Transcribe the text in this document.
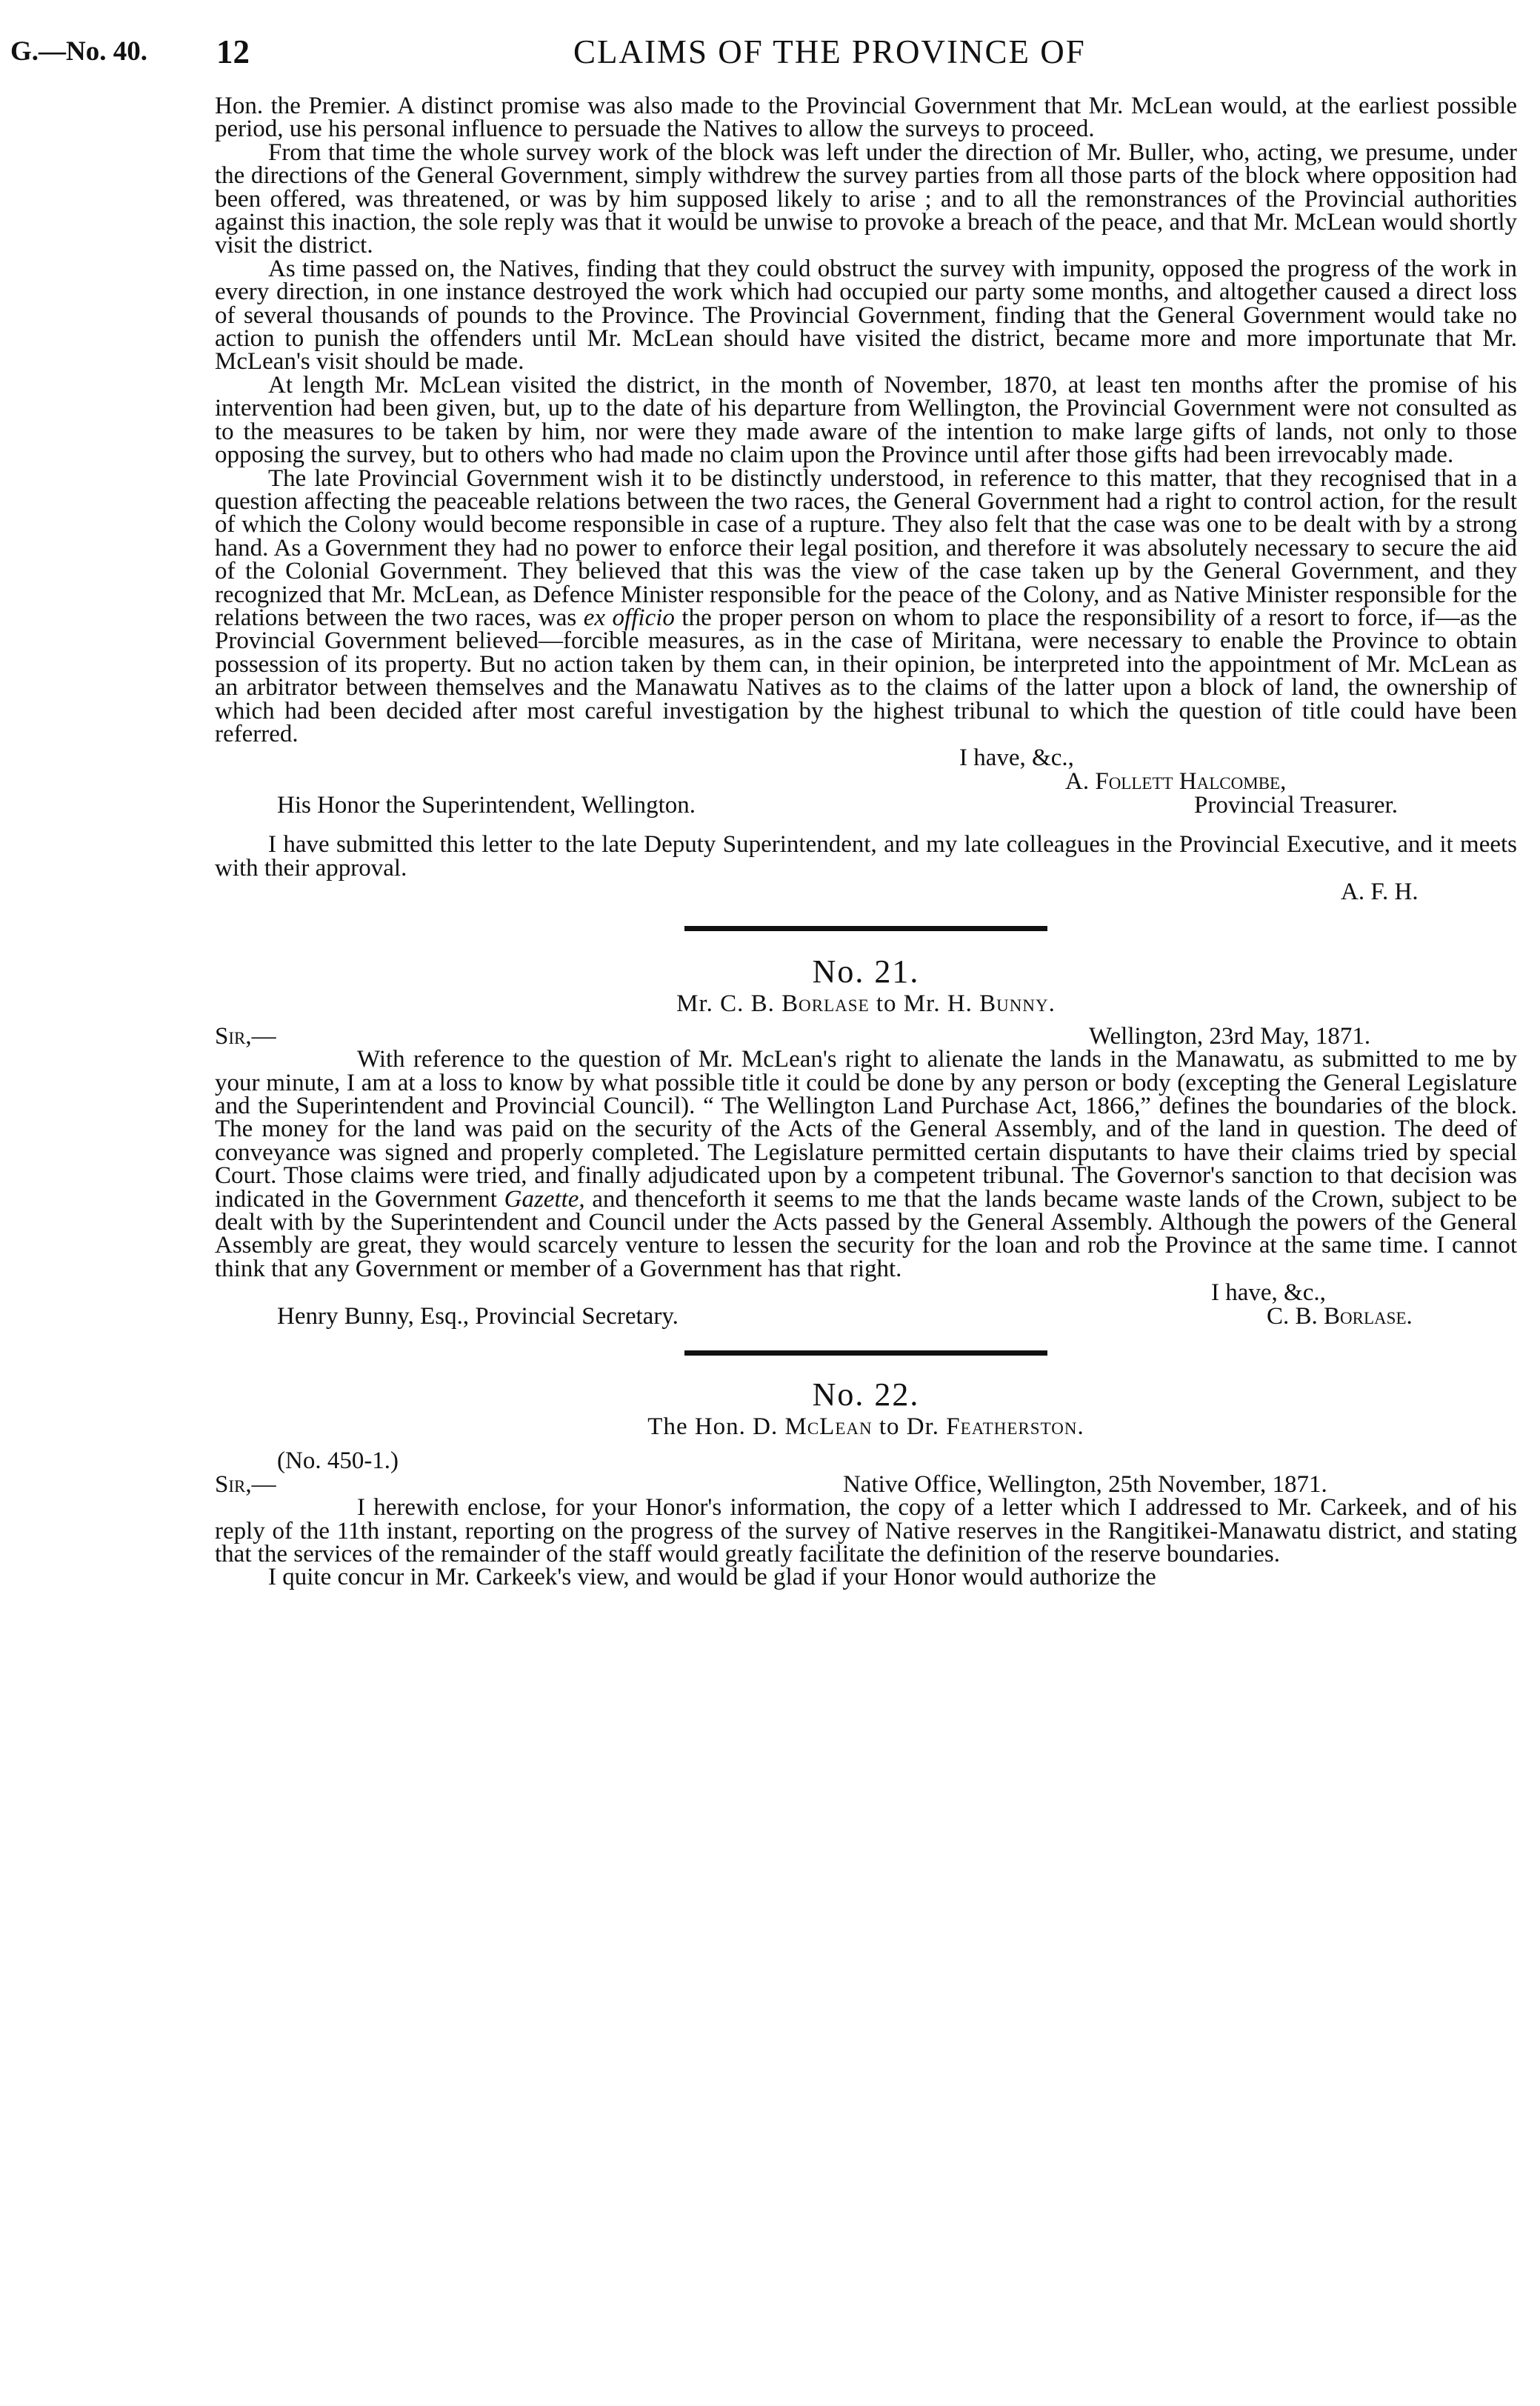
G.—No. 40. 12	CLAIMS OF THE PROVINCE OF

Hon. the Premier. A distinct promise was also made to the Provincial Government that Mr. McLean would, at the earliest possible period, use his personal influence to persuade the Natives to allow the surveys to proceed.

From that time the whole survey work of the block was left under the direction of Mr. Buller, who, acting, we presume, under the directions of the General Government, simply withdrew the survey parties from all those parts of the block where opposition had been offered, was threatened, or was by him supposed likely to arise ; and to all the remonstrances of the Provincial authorities against this inaction, the sole reply was that it would be unwise to provoke a breach of the peace, and that Mr. McLean would shortly visit the district.

As time passed on, the Natives, finding that they could obstruct the survey with impunity, opposed the progress of the work in every direction, in one instance destroyed the work which had occupied our party some months, and altogether caused a direct loss of several thousands of pounds to the Province. The Provincial Government, finding that the General Government would take no action to punish the offenders until Mr. McLean should have visited the district, became more and more importunate that Mr. McLean's visit should be made.

At length Mr. McLean visited the district, in the month of November, 1870, at least ten months after the promise of his intervention had been given, but, up to the date of his departure from Wellington, the Provincial Government were not consulted as to the measures to be taken by him, nor were they made aware of the intention to make large gifts of lands, not only to those opposing the survey, but to others who had made no claim upon the Province until after those gifts had been irrevocably made.

The late Provincial Government wish it to be distinctly understood, in reference to this matter, that they recognised that in a question affecting the peaceable relations between the two races, the General Government had a right to control action, for the result of which the Colony would become responsible in case of a rupture. They also felt that the case was one to be dealt with by a strong hand. As a Government they had no power to enforce their legal position, and therefore it was absolutely necessary to secure the aid of the Colonial Government. They believed that this was the view of the case taken up by the General Government, and they recognized that Mr. McLean, as Defence Minister responsible for the peace of the Colony, and as Native Minister responsible for the relations between the two races, was ex officio the proper person on whom to place the responsibility of a resort to force, if—as the Provincial Government believed—forcible measures, as in the case of Miritana, were necessary to enable the Province to obtain possession of its property. But no action taken by them can, in their opinion, be interpreted into the appointment of Mr. McLean as an arbitrator between themselves and the Manawatu Natives as to the claims of the latter upon a block of land, the ownership of which had been decided after most careful investigation by the highest tribunal to which the question of title could have been referred.

I have, &c.,
A. Follett Halcombe,
His Honor the Superintendent, Wellington.	Provincial Treasurer.

I have submitted this letter to the late Deputy Superintendent, and my late colleagues in the Provincial Executive, and it meets with their approval.

A. F. H.
No. 21.
Mr. C. B. Borlase to Mr. H. Bunny.
Sir,—	Wellington, 23rd May, 1871.

With reference to the question of Mr. McLean's right to alienate the lands in the Manawatu, as submitted to me by your minute, I am at a loss to know by what possible title it could be done by any person or body (excepting the General Legislature and the Superintendent and Provincial Council). “ The Wellington Land Purchase Act, 1866,” defines the boundaries of the block. The money for the land was paid on the security of the Acts of the General Assembly, and of the land in question. The deed of conveyance was signed and properly completed. The Legislature permitted certain disputants to have their claims tried by special Court. Those claims were tried, and finally adjudicated upon by a competent tribunal. The Governor's sanction to that decision was indicated in the Government Gazette, and thenceforth it seems to me that the lands became waste lands of the Crown, subject to be dealt with by the Superintendent and Council under the Acts passed by the General Assembly. Although the powers of the General Assembly are great, they would scarcely venture to lessen the security for the loan and rob the Province at the same time. I cannot think that any Government or member of a Government has that right.

I have, &c.,
Henry Bunny, Esq., Provincial Secretary.	C. B. Borlase.
No. 22.
The Hon. D. McLean to Dr. Featherston.
(No. 450-1.)
Sir,—	Native Office, Wellington, 25th November, 1871.

I herewith enclose, for your Honor's information, the copy of a letter which I addressed to Mr. Carkeek, and of his reply of the 11th instant, reporting on the progress of the survey of Native reserves in the Rangitikei-Manawatu district, and stating that the services of the remainder of the staff would greatly facilitate the definition of the reserve boundaries.

I quite concur in Mr. Carkeek's view, and would be glad if your Honor would authorize the
